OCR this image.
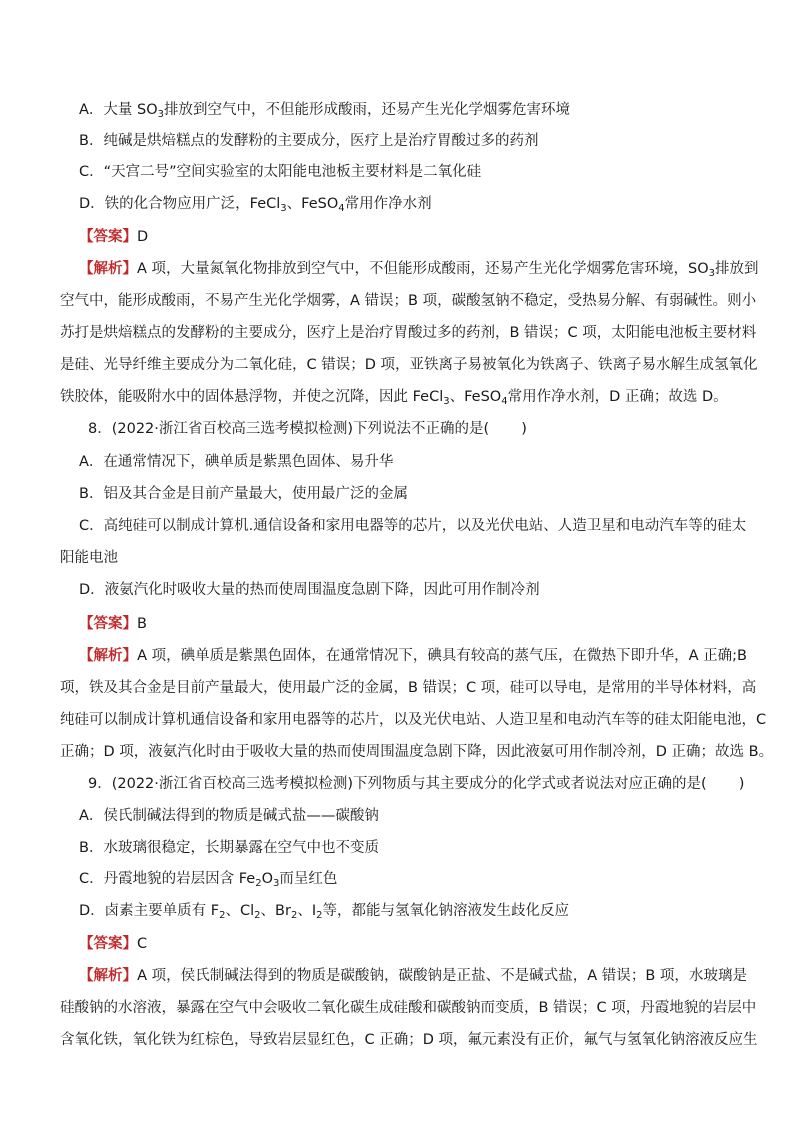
A．大量 $SO_3$排放到空气中，不但能形成酸雨，还易产生光化学烟雾危害环境
B．纯碱是烘焙糕点的发酵粉的主要成分，医疗上是治疗胃酸过多的药剂
C．“天宫二号”空间实验室的太阳能电池板主要材料是二氧化硅
D．铁的化合物应用广泛，FeCl$_3$、FeSO$_4$常用作净水剂
【答案】D
【解析】A 项，大量氮氧化物排放到空气中，不但能形成酸雨，还易产生光化学烟雾危害环境，$SO_3$排放到
空气中，能形成酸雨，不易产生光化学烟雾，A 错误；B 项，碳酸氢钠不稳定，受热易分解、有弱碱性。则小
苏打是烘焙糕点的发酵粉的主要成分，医疗上是治疗胃酸过多的药剂，B 错误；C 项，太阳能电池板主要材料
是硅、光导纤维主要成分为二氧化硅，C 错误；D 项，亚铁离子易被氧化为铁离子、铁离子易水解生成氢氧化
铁胶体，能吸附水中的固体悬浮物，并使之沉降，因此 FeCl$_3$、FeSO$_4$常用作净水剂，D 正确；故选 D。
8．(2022·浙江省百校高三选考模拟检测)下列说法不正确的是( )
A．在通常情况下，碘单质是紫黑色固体、易升华
B．铝及其合金是目前产量最大，使用最广泛的金属
C．高纯硅可以制成计算机.通信设备和家用电器等的芯片，以及光伏电站、人造卫星和电动汽车等的硅太
阳能电池
D．液氨汽化时吸收大量的热而使周围温度急剧下降，因此可用作制冷剂
【答案】B
【解析】A 项，碘单质是紫黑色固体，在通常情况下，碘具有较高的蒸气压，在微热下即升华，A 正确;B
项，铁及其合金是目前产量最大，使用最广泛的金属，B 错误；C 项，硅可以导电，是常用的半导体材料，高
纯硅可以制成计算机通信设备和家用电器等的芯片，以及光伏电站、人造卫星和电动汽车等的硅太阳能电池，C
正确；D 项，液氨汽化时由于吸收大量的热而使周围温度急剧下降，因此液氨可用作制冷剂，D 正确；故选 B。
9．(2022·浙江省百校高三选考模拟检测)下列物质与其主要成分的化学式或者说法对应正确的是( )
A．侯氏制碱法得到的物质是碱式盐——碳酸钠
B．水玻璃很稳定，长期暴露在空气中也不变质
C．丹霞地貌的岩层因含 $Fe_2O_3$而呈红色
D．卤素主要单质有 $F_2$、$Cl_2$、$Br_2$、$I_2$等，都能与氢氧化钠溶液发生歧化反应
【答案】C
【解析】A 项，侯氏制碱法得到的物质是碳酸钠，碳酸钠是正盐、不是碱式盐，A 错误；B 项，水玻璃是
硅酸钠的水溶液，暴露在空气中会吸收二氧化碳生成硅酸和碳酸钠而变质，B 错误；C 项，丹霞地貌的岩层中
含氧化铁，氧化铁为红棕色，导致岩层显红色，C 正确；D 项，氟元素没有正价，氟气与氢氧化钠溶液反应生
